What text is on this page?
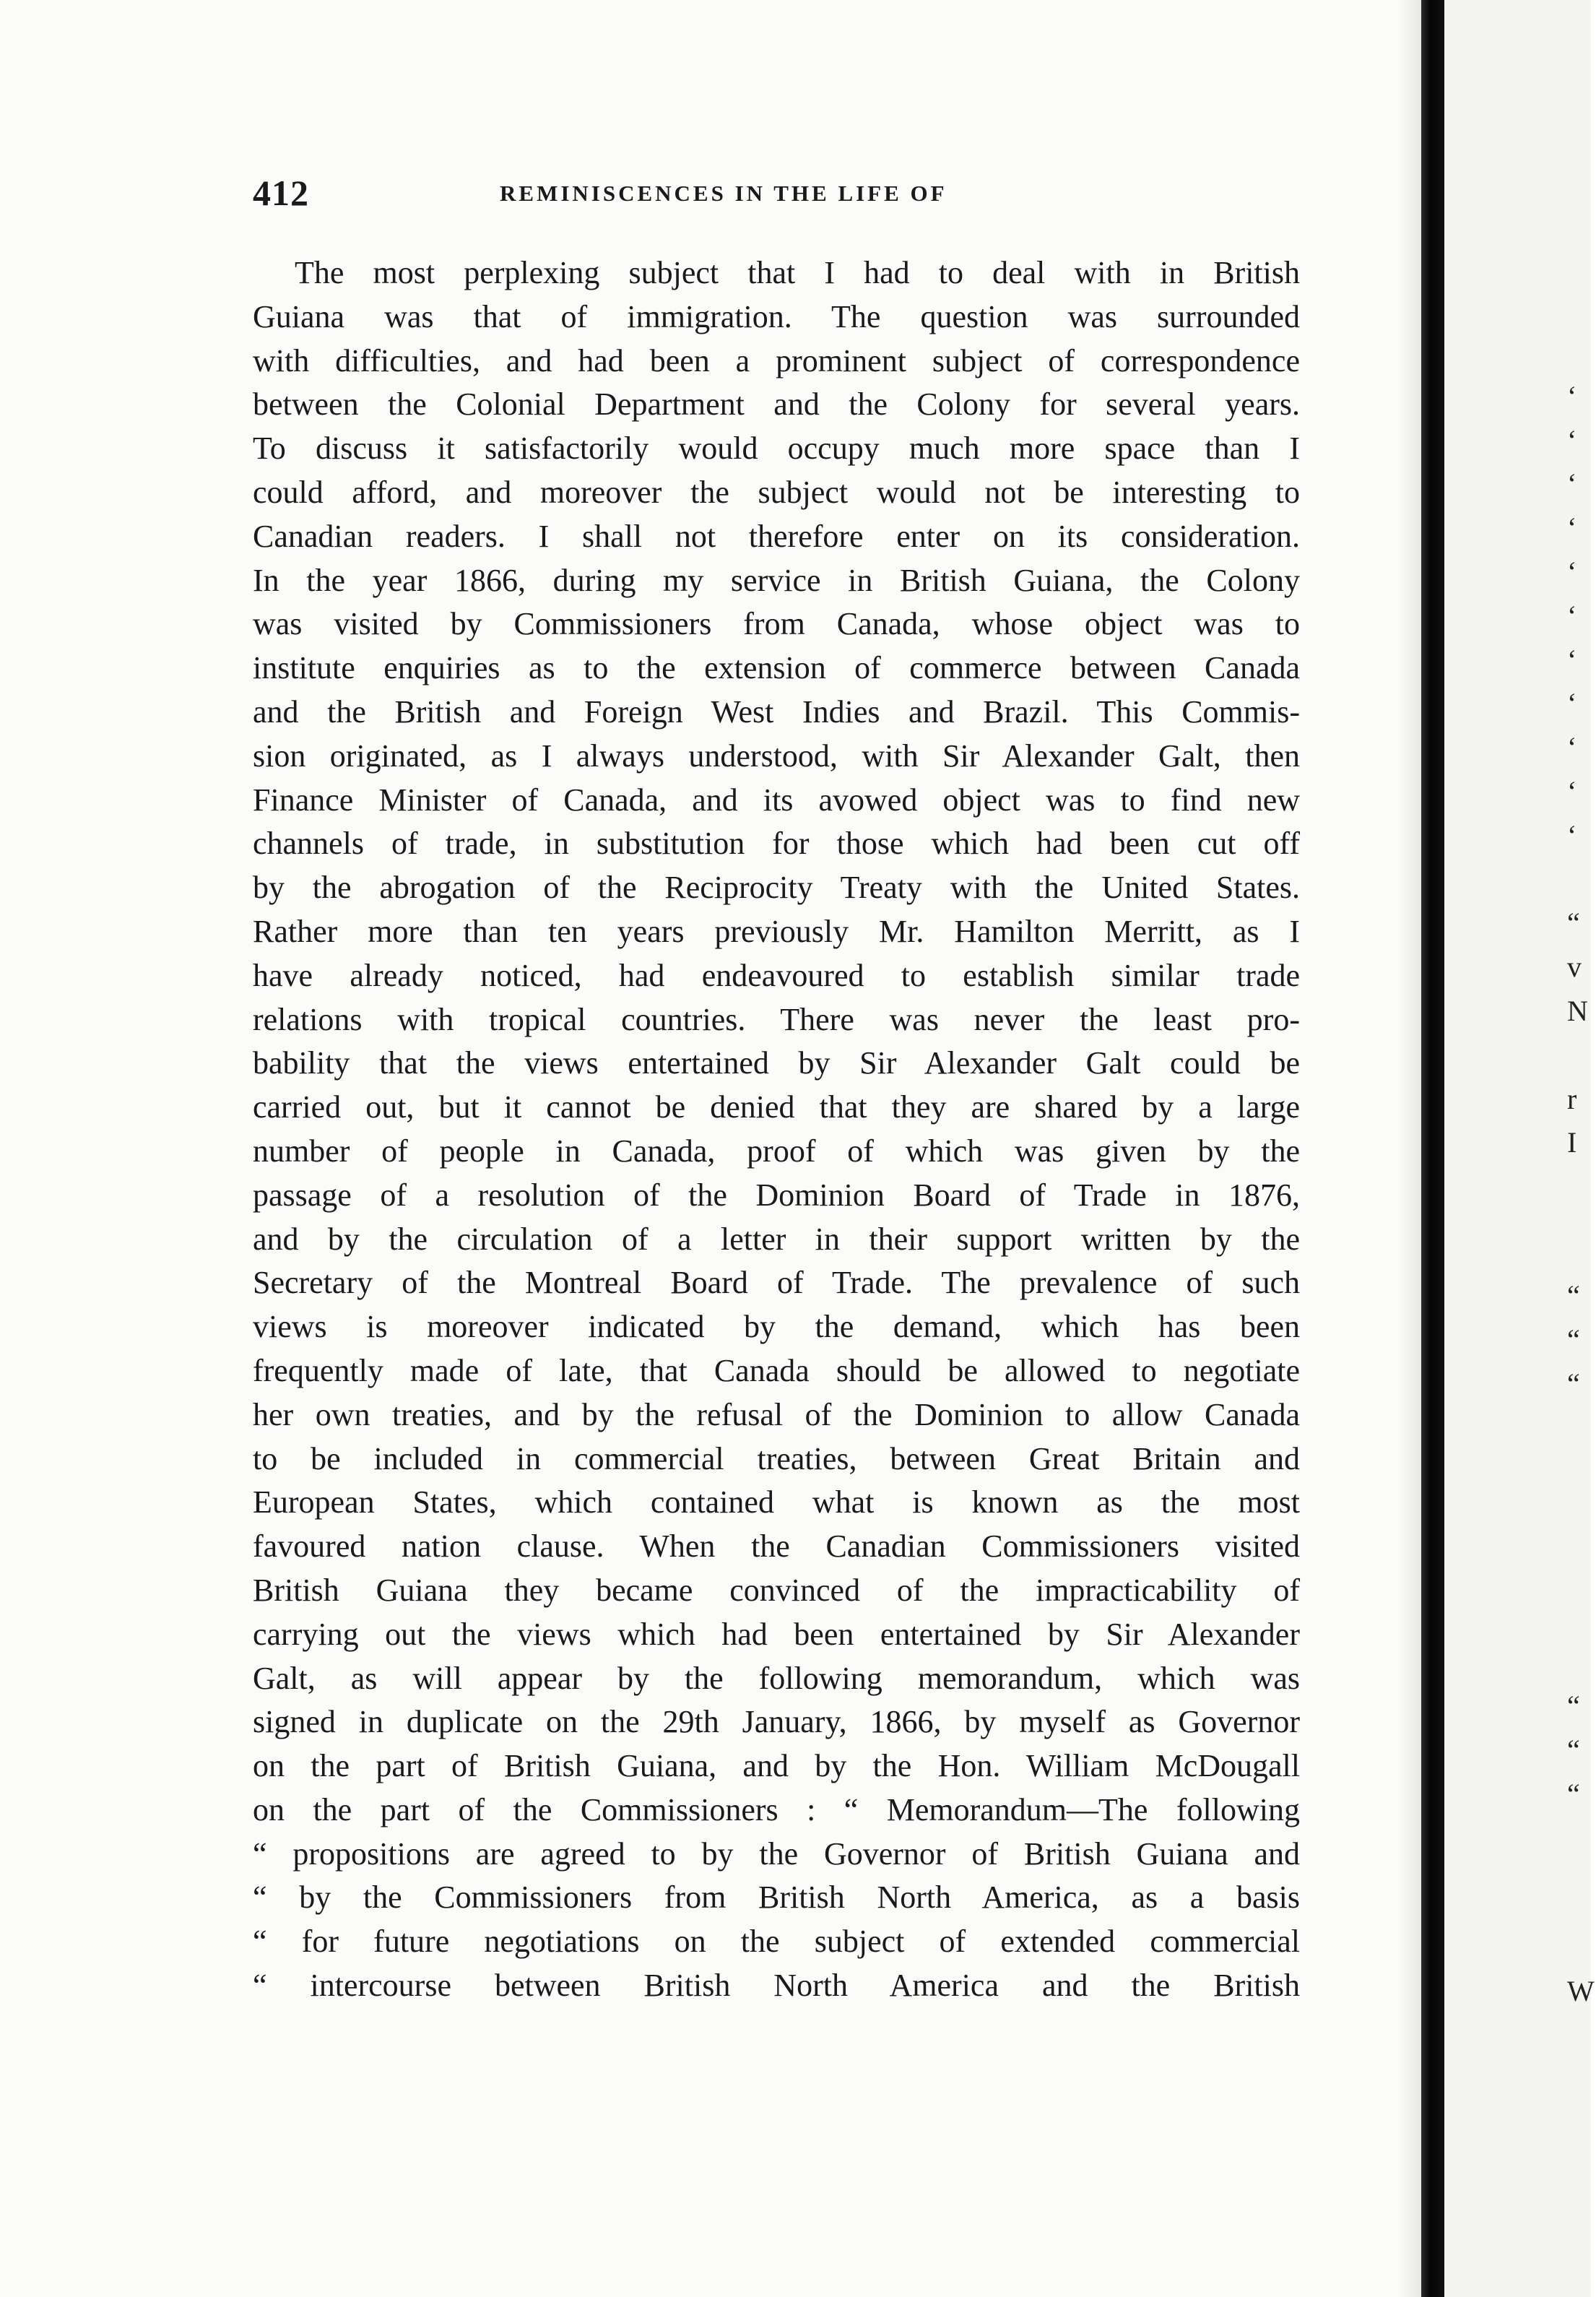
412	REMINISCENCES IN THE LIFE OF
The most perplexing subject that I had to deal with in British
Guiana was that of immigration. The question was surrounded
with difficulties, and had been a prominent subject of correspondence
between the Colonial Department and the Colony for several years.
To discuss it satisfactorily would occupy much more space than I
could afford, and moreover the subject would not be interesting to
Canadian readers. I shall not therefore enter on its consideration.
In the year 1866, during my service in British Guiana, the Colony
was visited by Commissioners from Canada, whose object was to
institute enquiries as to the extension of commerce between Canada
and the British and Foreign West Indies and Brazil. This Commis-
sion originated, as I always understood, with Sir Alexander Galt, then
Finance Minister of Canada, and its avowed object was to find new
channels of trade, in substitution for those which had been cut off
by the abrogation of the Reciprocity Treaty with the United States.
Rather more than ten years previously Mr. Hamilton Merritt, as I
have already noticed, had endeavoured to establish similar trade
relations with tropical countries. There was never the least pro-
bability that the views entertained by Sir Alexander Galt could be
carried out, but it cannot be denied that they are shared by a large
number of people in Canada, proof of which was given by the
passage of a resolution of the Dominion Board of Trade in 1876,
and by the circulation of a letter in their support written by the
Secretary of the Montreal Board of Trade. The prevalence of such
views is moreover indicated by the demand, which has been
frequently made of late, that Canada should be allowed to negotiate
her own treaties, and by the refusal of the Dominion to allow Canada
to be included in commercial treaties, between Great Britain and
European States, which contained what is known as the most
favoured nation clause. When the Canadian Commissioners visited
British Guiana they became convinced of the impracticability of
carrying out the views which had been entertained by Sir Alexander
Galt, as will appear by the following memorandum, which was
signed in duplicate on the 29th January, 1866, by myself as Governor
on the part of British Guiana, and by the Hon. William McDougall
on the part of the Commissioners : “ Memorandum—The following
“ propositions are agreed to by the Governor of British Guiana and
“ by the Commissioners from British North America, as a basis
“ for future negotiations on the subject of extended commercial
“ intercourse between British North America and the British
‘
‘
‘
‘
‘
‘
‘
‘
‘
‘
‘
“
v
N
r
I
“
“
“
“
“
“
W
